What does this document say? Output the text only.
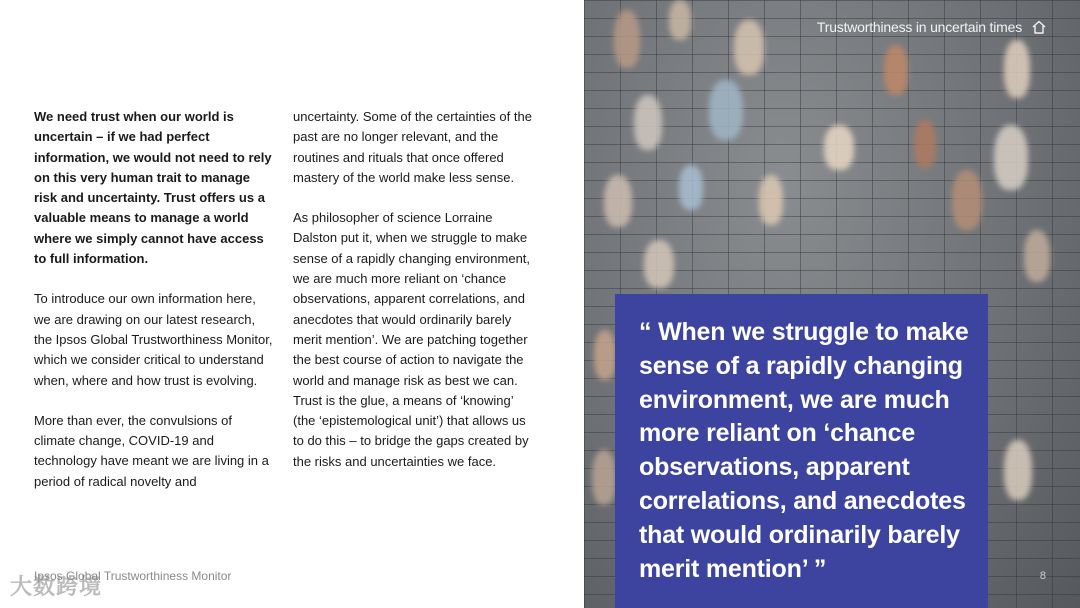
We need trust when our world is uncertain – if we had perfect information, we would not need to rely on this very human trait to manage risk and uncertainty. Trust offers us a valuable means to manage a world where we simply cannot have access to full information.

To introduce our own information here, we are drawing on our latest research, the Ipsos Global Trustworthiness Monitor, which we consider critical to understand when, where and how trust is evolving.

More than ever, the convulsions of climate change, COVID-19 and technology have meant we are living in a period of radical novelty and

uncertainty. Some of the certainties of the past are no longer relevant, and the routines and rituals that once offered mastery of the world make less sense.

As philosopher of science Lorraine Dalston put it, when we struggle to make sense of a rapidly changing environment, we are much more reliant on ‘chance observations, apparent correlations, and anecdotes that would ordinarily barely merit mention’. We are patching together the best course of action to navigate the world and manage risk as best we can. Trust is the glue, a means of ‘knowing’ (the ‘epistemological unit’) that allows us to do this – to bridge the gaps created by the risks and uncertainties we face.

大数跨境
Ipsos Global Trustworthiness Monitor
Trustworthiness in uncertain times
8
“ When we struggle to make sense of a rapidly changing environment, we are much more reliant on ‘chance observations, apparent correlations, and anecdotes that would ordinarily barely merit mention’ ”
